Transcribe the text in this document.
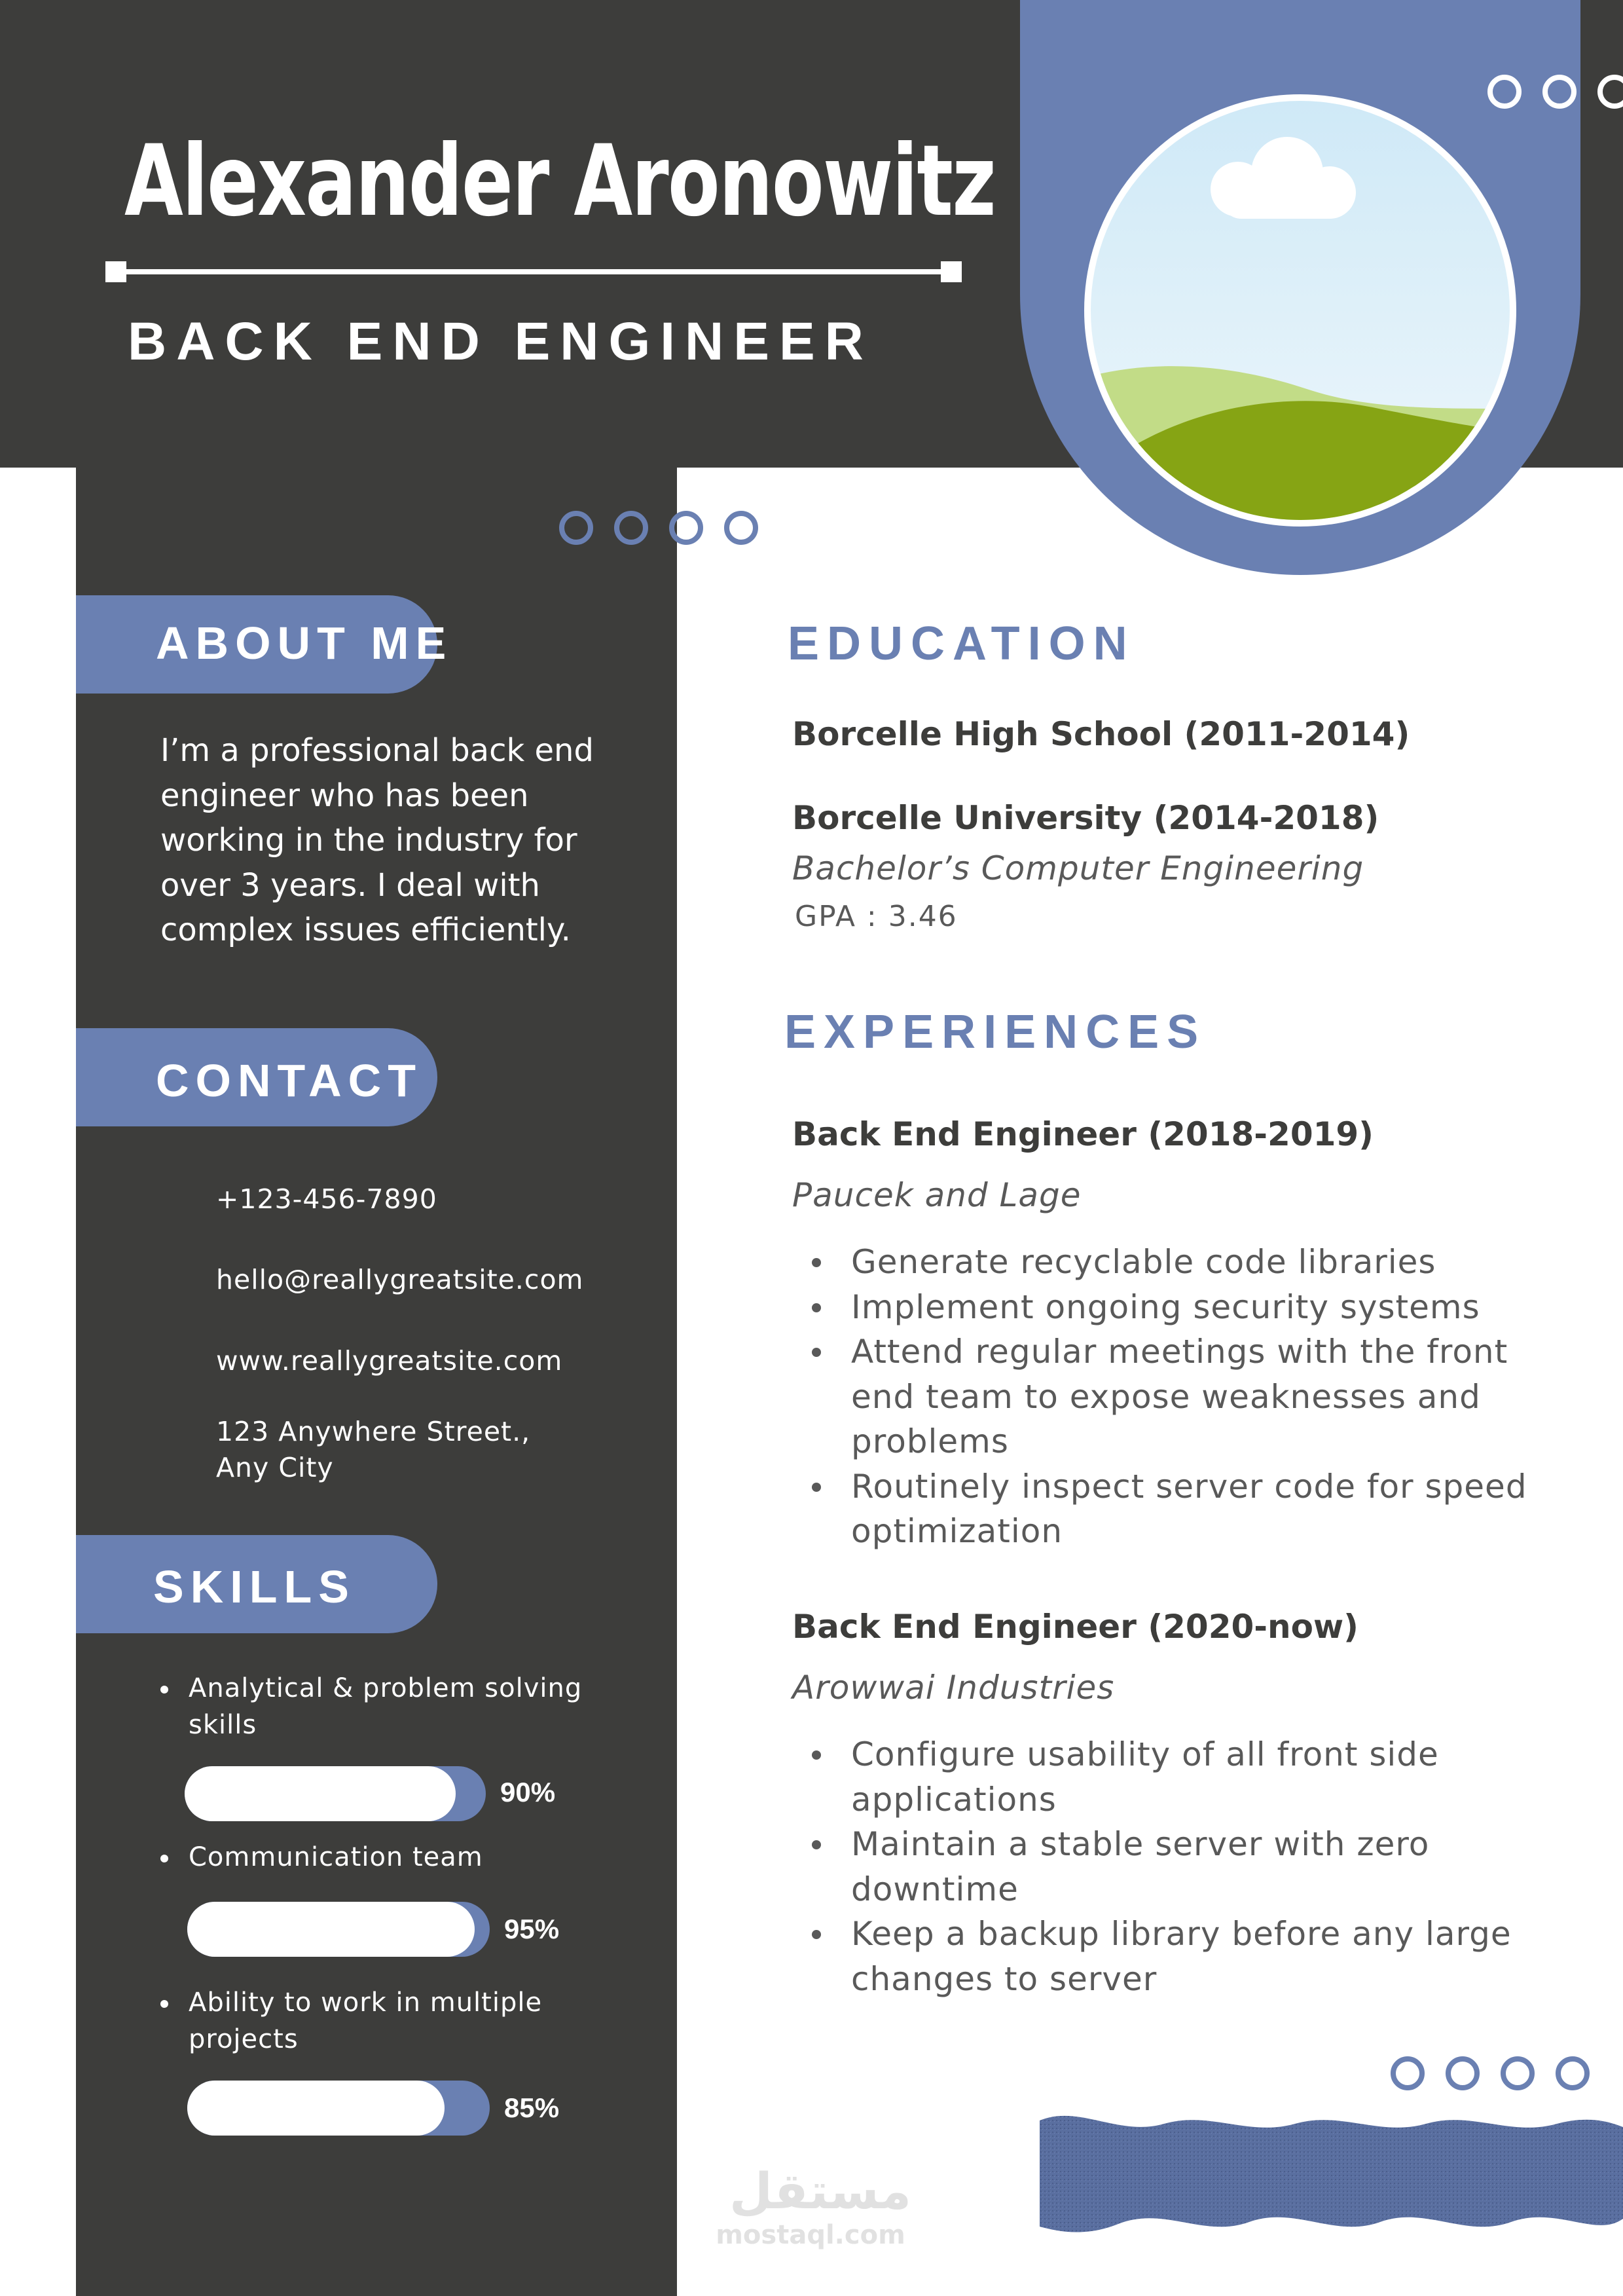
Alexander Aronowitz
BACK END ENGINEER
ABOUT ME
I’m a professional back end engineer who has been working in the industry for over 3 years. I deal with complex issues efficiently.
CONTACT
+123-456-7890
hello@reallygreatsite.com
www.reallygreatsite.com
123 Anywhere Street.,
Any City
SKILLS
Analytical & problem solving skills
90%
Communication team
95%
Ability to work in multiple projects
85%
EDUCATION
Borcelle High School (2011-2014)
Borcelle University (2014-2018)
Bachelor’s Computer Engineering
GPA : 3.46
EXPERIENCES
Back End Engineer (2018-2019)
Paucek and Lage
Generate recyclable code libraries
Implement ongoing security systems
Attend regular meetings with the front end team to expose weaknesses and problems
Routinely inspect server code for speed optimization
Back End Engineer (2020-now)
Arowwai Industries
Configure usability of all front side applications
Maintain a stable server with zero downtime
Keep a backup library before any large changes to server
مستقل
mostaql.com
